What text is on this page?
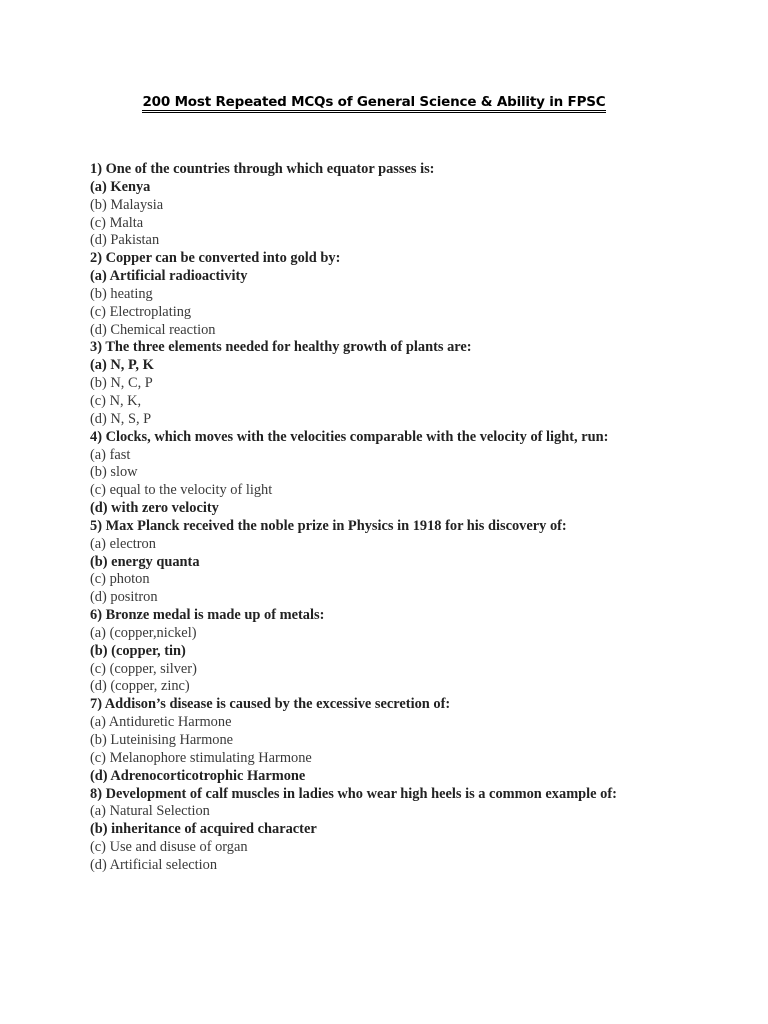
200 Most Repeated MCQs of General Science & Ability in FPSC
1) One of the countries through which equator passes is:
(a) Kenya
(b) Malaysia
(c) Malta
(d) Pakistan
2) Copper can be converted into gold by:
(a) Artificial radioactivity
(b) heating
(c) Electroplating
(d) Chemical reaction
3) The three elements needed for healthy growth of plants are:
(a) N, P, K
(b) N, C, P
(c) N, K,
(d) N, S, P
4) Clocks, which moves with the velocities comparable with the velocity of light, run:
(a) fast
(b) slow
(c) equal to the velocity of light
(d) with zero velocity
5) Max Planck received the noble prize in Physics in 1918 for his discovery of:
(a) electron
(b) energy quanta
(c) photon
(d) positron
6) Bronze medal is made up of metals:
(a) (copper,nickel)
(b) (copper, tin)
(c) (copper, silver)
(d) (copper, zinc)
7) Addison’s disease is caused by the excessive secretion of:
(a) Antiduretic Harmone
(b) Luteinising Harmone
(c) Melanophore stimulating Harmone
(d) Adrenocorticotrophic Harmone
8) Development of calf muscles in ladies who wear high heels is a common example of:
(a) Natural Selection
(b) inheritance of acquired character
(c) Use and disuse of organ
(d) Artificial selection
